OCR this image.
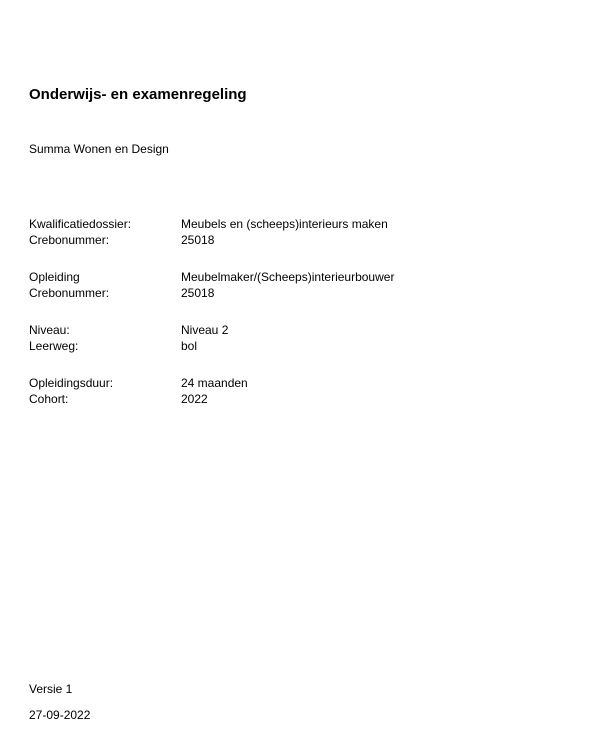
Onderwijs- en examenregeling
Summa Wonen en Design
Kwalificatiedossier:	Meubels en (scheeps)interieurs maken
Crebonummer:	25018
Opleiding	Meubelmaker/(Scheeps)interieurbouwer
Crebonummer:	25018
Niveau:	Niveau 2
Leerweg:	bol
Opleidingsduur:	24 maanden
Cohort:	2022
Versie 1
27-09-2022
